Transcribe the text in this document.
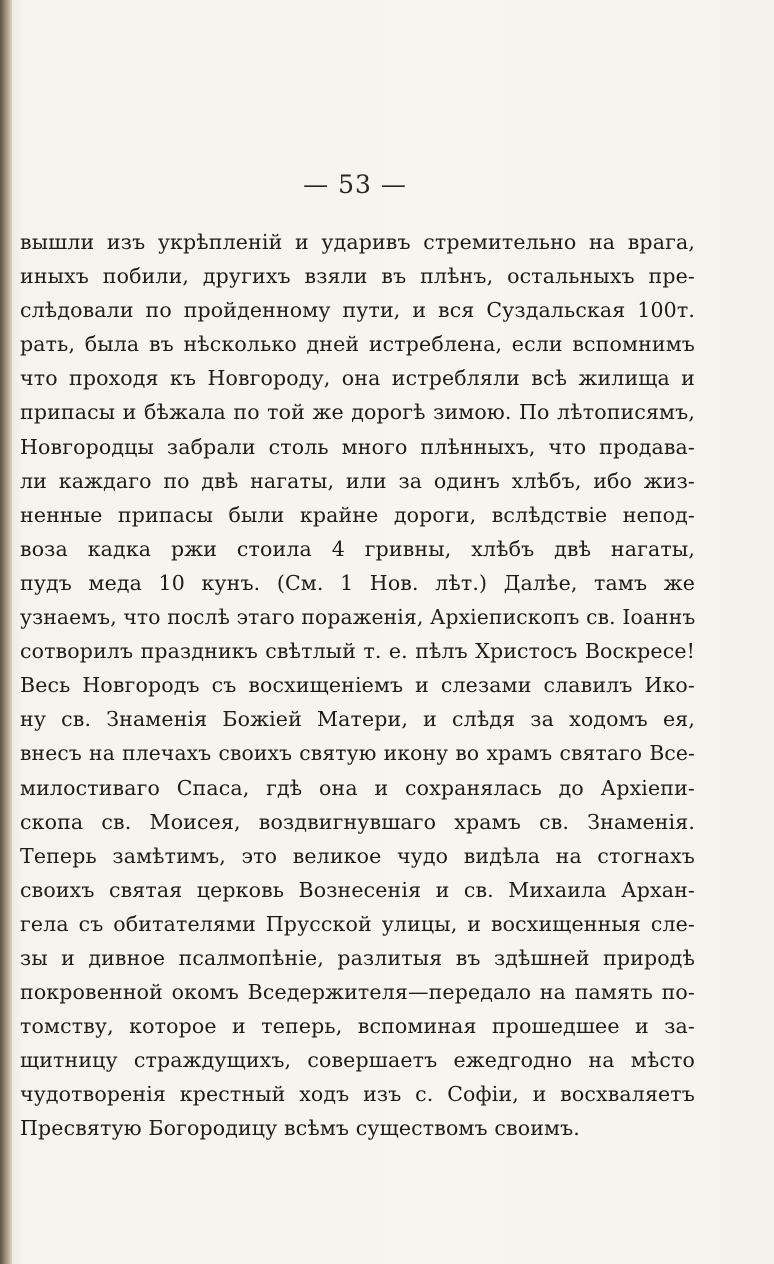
— 53 —
вышли изъ укрѣпленій и ударивъ стремительно на врага,
иныхъ побили, другихъ взяли въ плѣнъ, остальныхъ пре-
слѣдовали по пройденному пути, и вся Суздальская 100т.
рать, была въ нѣсколько дней истреблена, если вспомнимъ
что проходя къ Новгороду, она истребляли всѣ жилища и
припасы и бѣжала по той же дорогѣ зимою. По лѣтописямъ,
Новгородцы забрали столь много плѣнныхъ, что продава-
ли каждаго по двѣ нагаты, или за одинъ хлѣбъ, ибо жиз-
ненные припасы были крайне дороги, вслѣдствіе непод-
воза кадка ржи стоила 4 гривны, хлѣбъ двѣ нагаты,
пудъ меда 10 кунъ. (См. 1 Нов. лѣт.) Далѣе, тамъ же
узнаемъ, что послѣ этаго пораженія, Архіепископъ св. Іоаннъ
сотворилъ праздникъ свѣтлый т. е. пѣлъ Христосъ Воскресе!
Весь Новгородъ съ восхищеніемъ и слезами славилъ Ико-
ну св. Знаменія Божіей Матери, и слѣдя за ходомъ ея,
внесъ на плечахъ своихъ святую икону во храмъ святаго Все-
милостиваго Спаса, гдѣ она и сохранялась до Архіепи-
скопа св. Моисея, воздвигнувшаго храмъ св. Знаменія.
Теперь замѣтимъ, это великое чудо видѣла на стогнахъ
своихъ святая церковь Вознесенія и св. Михаила Архан-
гела съ обитателями Прусской улицы, и восхищенныя сле-
зы и дивное псалмопѣніе, разлитыя въ здѣшней природѣ
покровенной окомъ Вседержителя—передало на память по-
томству, которое и теперь, вспоминая прошедшее и за-
щитницу страждущихъ, совершаетъ ежедгодно на мѣсто
чудотворенія крестный ходъ изъ с. Софіи, и восхваляетъ
Пресвятую Богородицу всѣмъ существомъ своимъ.
